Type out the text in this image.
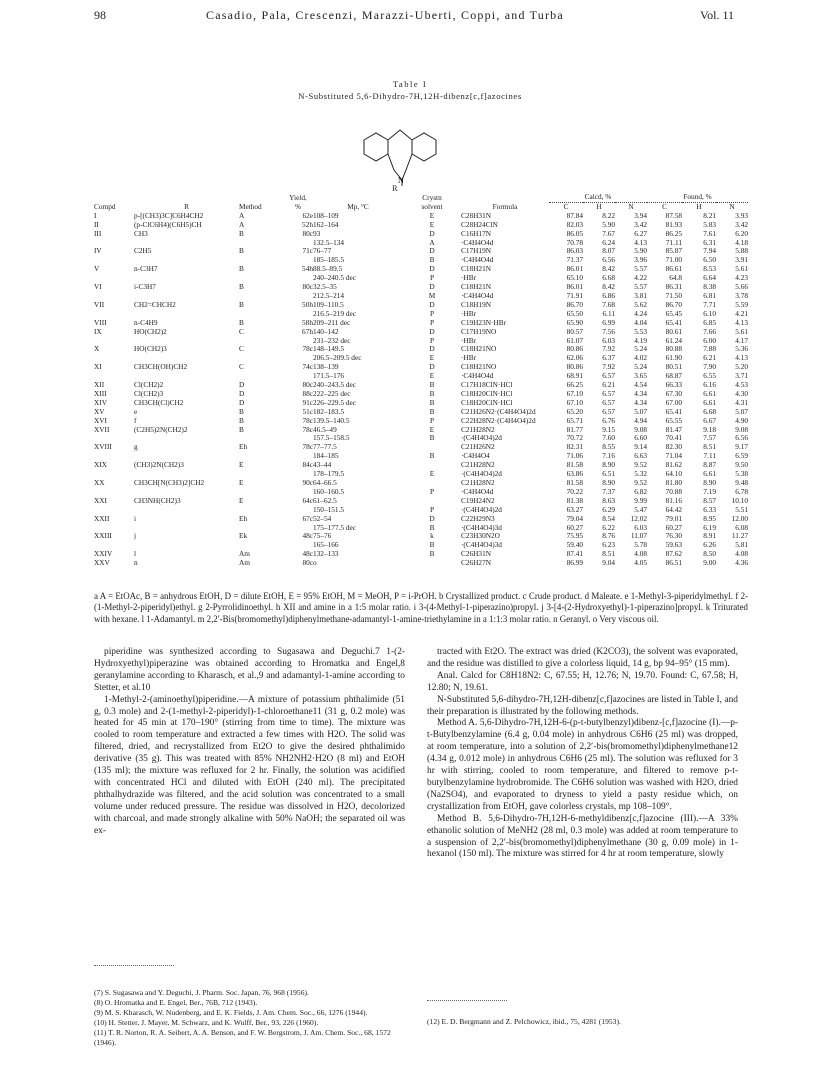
98	Casadio, Pala, Crescenzi, Marazzi-Uberti, Coppi, and Turba	Vol. 11
Table I
N-Substituted 5,6-Dihydro-7H,12H-dibenz[c,f]azocines
N
R
			Yield,		Crystn		Calcd, %			Found, %		
Compd	R	Method	%	Mp, °C	solvent	Formula	C	H	N	C	H	N
I	p-[(CH3)3C]C6H4CH2	A	62e	108–109	E	C28H31N	87.84	8.22	3.94	87.58	8.21	3.93
II	(p-ClC6H4)(C6H5)CH	A	52h	162–164	E	C28H24ClN	82.03	5.90	3.42	81.93	5.83	3.42
III	CH3	B	80c	93	D	C16H17N	86.05	7.67	6.27	86.25	7.61	6.20
				132.5–134	A	·C4H4O4d	70.78	6.24	4.13	71.11	6.31	4.18
IV	C2H5	B	71c	76–77	D	C17H19N	86.03	8.07	5.90	85.87	7.94	5.88
				185–185.5	B	·C4H4O4d	71.37	6.56	3.96	71.00	6.50	3.91
V	n-C3H7	B	54h	88.5–89.5	D	C18H21N	86.01	8.42	5.57	86.61	8.53	5.61
				240–240.5 dec	P	·HBr	65.10	6.68	4.22	64.8	6.64	4.23
VI	i-C3H7	B	80c	32.5–35	D	C18H21N	86.01	8.42	5.57	86.31	8.38	5.66
				212.5–214	M	·C4H4O4d	71.91	6.86	3.81	71.50	6.81	3.78
VII	CH2=CHCH2	B	50h	109–110.5	D	C18H19N	86.70	7.68	5.62	86.70	7.71	5.59
				216.5–219 dec	P	·HBr	65.50	6.11	4.24	65.45	6.10	4.21
VIII	n-C4H9	B	58h	209–211 dec	P	C19H23N·HBr	65.90	6.99	4.04	65.41	6.85	4.13
IX	HO(CH2)2	C	67h	140–142	D	C17H19NO	80.57	7.56	5.53	80.61	7.66	5.61
				231–232 dec	P	·HBr	61.07	6.03	4.19	61.24	6.00	4.17
X	HO(CH2)3	C	78c	148–149.5	D	C18H21NO	80.86	7.92	5.24	80.88	7.88	5.36
				206.5–209.5 dec	E	·HBr	62.06	6.37	4.02	61.90	6.21	4.13
XI	CH3CH(OH)CH2	C	74c	138–139	D	C18H21NO	80.86	7.92	5.24	80.51	7.90	5.20
				171.5–176	E	·C4H4O4d	68.91	6.57	3.65	68.87	6.55	3.71
XII	Cl(CH2)2	D	80c	240–243.5 dec	B	C17H18ClN·HCl	66.25	6.21	4.54	66.33	6.16	4.53
XIII	Cl(CH2)3	D	88c	222–225 dec	B	C18H20ClN·HCl	67.10	6.57	4.34	67.30	6.61	4.30
XIV	CH3CH(Cl)CH2	D	91c	226–229.5 dec	B	C18H20ClN·HCl	67.10	6.57	4.34	67.00	6.61	4.31
XV	e	B	51c	182–183.5	B	C21H26N2·(C4H4O4)2d	65.20	6.57	5.07	65.41	6.68	5.07
XVI	f	B	78c	139.5–140.5	P	C22H28N2·(C4H4O4)2d	65.71	6.76	4.94	65.55	6.67	4.90
XVII	(C2H5)2N(CH2)2	B	78c	46.5–49	E	C21H28N2	81.77	9.15	9.08	81.47	9.18	9.08
				157.5–158.5	B	·(C4H4O4)2d	70.72	7.60	6.60	70.41	7.57	6.56
XVIII	g	Eh	78c	77–77.5		C21H26N2	82.31	8.55	9.14	82.30	8.51	9.17
				184–185	B	·C4H4O4	71.06	7.16	6.63	71.04	7.11	6.59
XIX	(CH3)2N(CH2)3	E	84c	43–44		C21H28N2	81.58	8.90	9.52	81.62	8.87	9.50
				178–179.5	E	·(C4H4O4)2d	63.86	6.51	5.32	64.10	6.61	5.38
XX	CH3CH[N(CH3)2]CH2	E	90c	64–66.5		C21H28N2	81.58	8.90	9.52	81.80	8.90	9.48
				160–160.5	P	·C4H4O4d	70.22	7.37	6.82	70.88	7.19	6.78
XXI	CH3NH(CH2)3	E	64c	61–62.5		C19H24N2	81.38	8.63	9.99	81.16	8.57	10.10
				150–151.5	P	·(C4H4O4)2d	63.27	6.29	5.47	64.42	6.33	5.51
XXII	i	Eh	67c	52–54	D	C22H29N3	79.04	8.54	12.02	79.01	8.95	12.00
				175–177.5 dec	B	·(C4H4O4)3d	60.27	6.22	6.03	60.27	6.19	6.08
XXIII	j	Ek	48c	75–76	k	C23H30N2O	75.95	8.76	11.07	76.30	8.91	11.27
				165–166	B	·(C4H4O4)3d	59.40	6.23	5.78	59.63	6.26	5.81
XXIV	l	Am	48c	132–133	B	C26H31N	87.41	8.51	4.08	87.62	8.50	4.08
XXV	n	Am	80c	o		C26H27N	86.99	9.04	4.05	86.51	9.00	4.36
a A = EtOAc, B = anhydrous EtOH, D = dilute EtOH, E = 95% EtOH, M = MeOH, P = i-PrOH. b Crystallized product. c Crude product. d Maleate. e 1-Methyl-3-piperidylmethyl. f 2-(1-Methyl-2-piperidyl)ethyl. g 2-Pyrrolidinoethyl. h XII and amine in a 1:5 molar ratio. i 3-(4-Methyl-1-piperazino)propyl. j 3-[4-(2-Hydroxyethyl)-1-piperazino]propyl. k Triturated with hexane. l 1-Adamantyl. m 2,2′-Bis(bromomethyl)diphenylmethane-adamantyl-1-amine-triethylamine in a 1:1:3 molar ratio. n Geranyl. o Very viscous oil.

piperidine was synthesized according to Sugasawa and Deguchi.7 1-(2-Hydroxyethyl)piperazine was obtained according to Hromatka and Engel,8 geranylamine according to Kharasch, et al.,9 and adamantyl-1-amine according to Stetter, et al.10

1-Methyl-2-(aminoethyl)piperidine.—A mixture of potassium phthalimide (51 g, 0.3 mole) and 2-(1-methyl-2-piperidyl)-1-chloroethane11 (31 g, 0.2 mole) was heated for 45 min at 170–190° (stirring from time to time). The mixture was cooled to room temperature and extracted a few times with H2O. The solid was filtered, dried, and recrystallized from Et2O to give the desired phthalimido derivative (35 g). This was treated with 85% NH2NH2·H2O (8 ml) and EtOH (135 ml); the mixture was refluxed for 2 hr. Finally, the solution was acidified with concentrated HCl and diluted with EtOH (240 ml). The precipitated phthalhydrazide was filtered, and the acid solution was concentrated to a small volume under reduced pressure. The residue was dissolved in H2O, decolorized with charcoal, and made strongly alkaline with 50% NaOH; the separated oil was ex-

tracted with Et2O. The extract was dried (K2CO3), the solvent was evaporated, and the residue was distilled to give a colorless liquid, 14 g, bp 94–95° (15 mm).

Anal. Calcd for C8H18N2: C, 67.55; H, 12.76; N, 19.70. Found: C, 67.58; H, 12.80; N, 19.61.

N-Substituted 5,6-dihydro-7H,12H-dibenz[c,f]azocines are listed in Table I, and their preparation is illustrated by the following methods.

Method A. 5,6-Dihydro-7H,12H-6-(p-t-butylbenzyl)dibenz-[c,f]azocine (I).—p-t-Butylbenzylamine (6.4 g, 0.04 mole) in anhydrous C6H6 (25 ml) was dropped, at room temperature, into a solution of 2,2′-bis(bromomethyl)diphenylmethane12 (4.34 g, 0.012 mole) in anhydrous C6H6 (25 ml). The solution was refluxed for 3 hr with stirring, cooled to room temperature, and filtered to remove p-t-butylbenzylamine hydrobromide. The C6H6 solution was washed with H2O, dried (Na2SO4), and evaporated to dryness to yield a pasty residue which, on crystallization from EtOH, gave colorless crystals, mp 108–109°.

Method B. 5,6-Dihydro-7H,12H-6-methyldibenz[c,f]azocine (III).—A 33% ethanolic solution of MeNH2 (28 ml, 0.3 mole) was added at room temperature to a suspension of 2,2′-bis(bromomethyl)diphenylmethane (30 g, 0.09 mole) in 1-hexanol (150 ml). The mixture was stirred for 4 hr at room temperature, slowly

(7) S. Sugasawa and Y. Deguchi, J. Pharm. Soc. Japan, 76, 968 (1956).

(8) O. Hromatka and E. Engel, Ber., 76B, 712 (1943).

(9) M. S. Kharasch, W. Nudenberg, and E. K. Fields, J. Am. Chem. Soc., 66, 1276 (1944).

(10) H. Stetter, J. Mayer, M. Schwarz, and K. Wulff, Ber., 93, 226 (1960).

(11) T. R. Norton, R. A. Seibert, A. A. Benson, and F. W. Bergstrom, J. Am. Chem. Soc., 68, 1572 (1946).

(12) E. D. Bergmann and Z. Pelchowicz, ibid., 75, 4281 (1953).
